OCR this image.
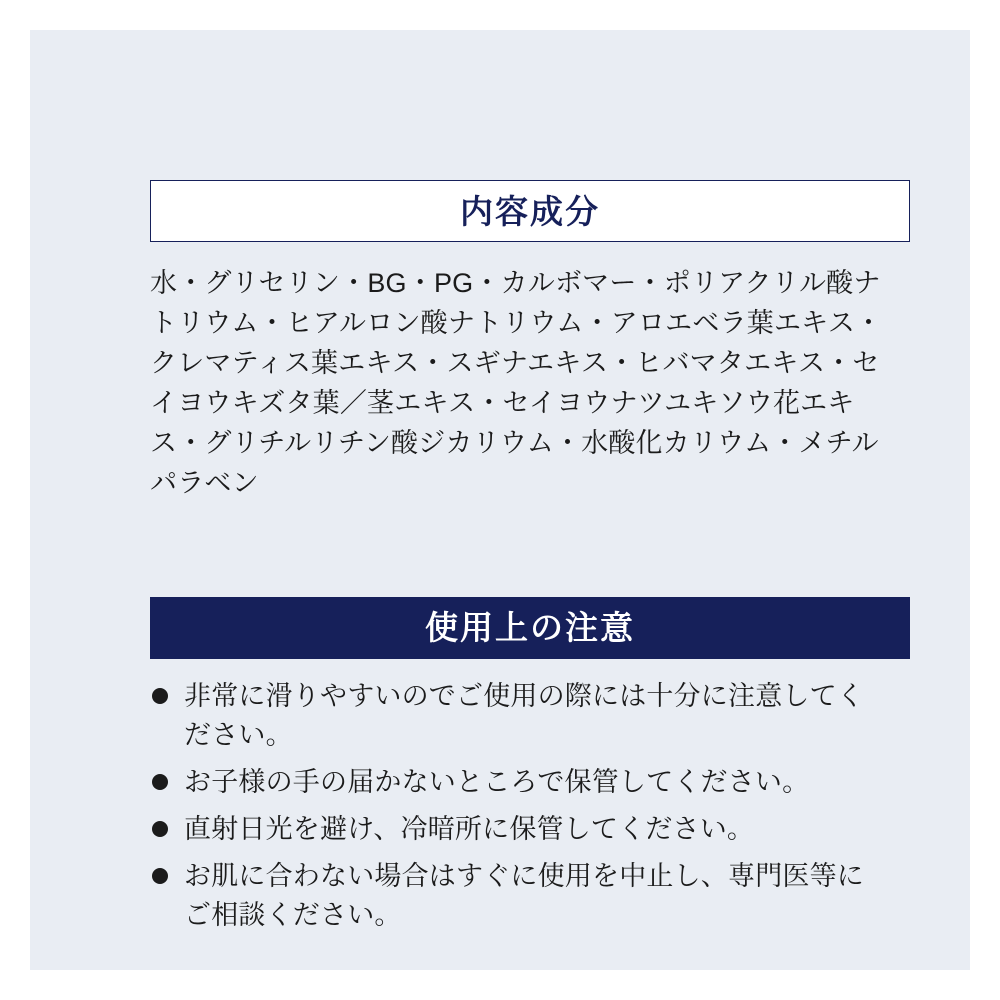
内容成分

水・グリセリン・BG・PG・カルボマー・ポリアクリル酸ナトリウム・ヒアルロン酸ナトリウム・アロエベラ葉エキス・クレマティス葉エキス・スギナエキス・ヒバマタエキス・セイヨウキズタ葉／茎エキス・セイヨウナツユキソウ花エキス・グリチルリチン酸ジカリウム・水酸化カリウム・メチルパラベン

使用上の注意
非常に滑りやすいのでご使用の際には十分に注意してください。
お子様の手の届かないところで保管してください。
直射日光を避け、冷暗所に保管してください。
お肌に合わない場合はすぐに使用を中止し、専門医等にご相談ください。
